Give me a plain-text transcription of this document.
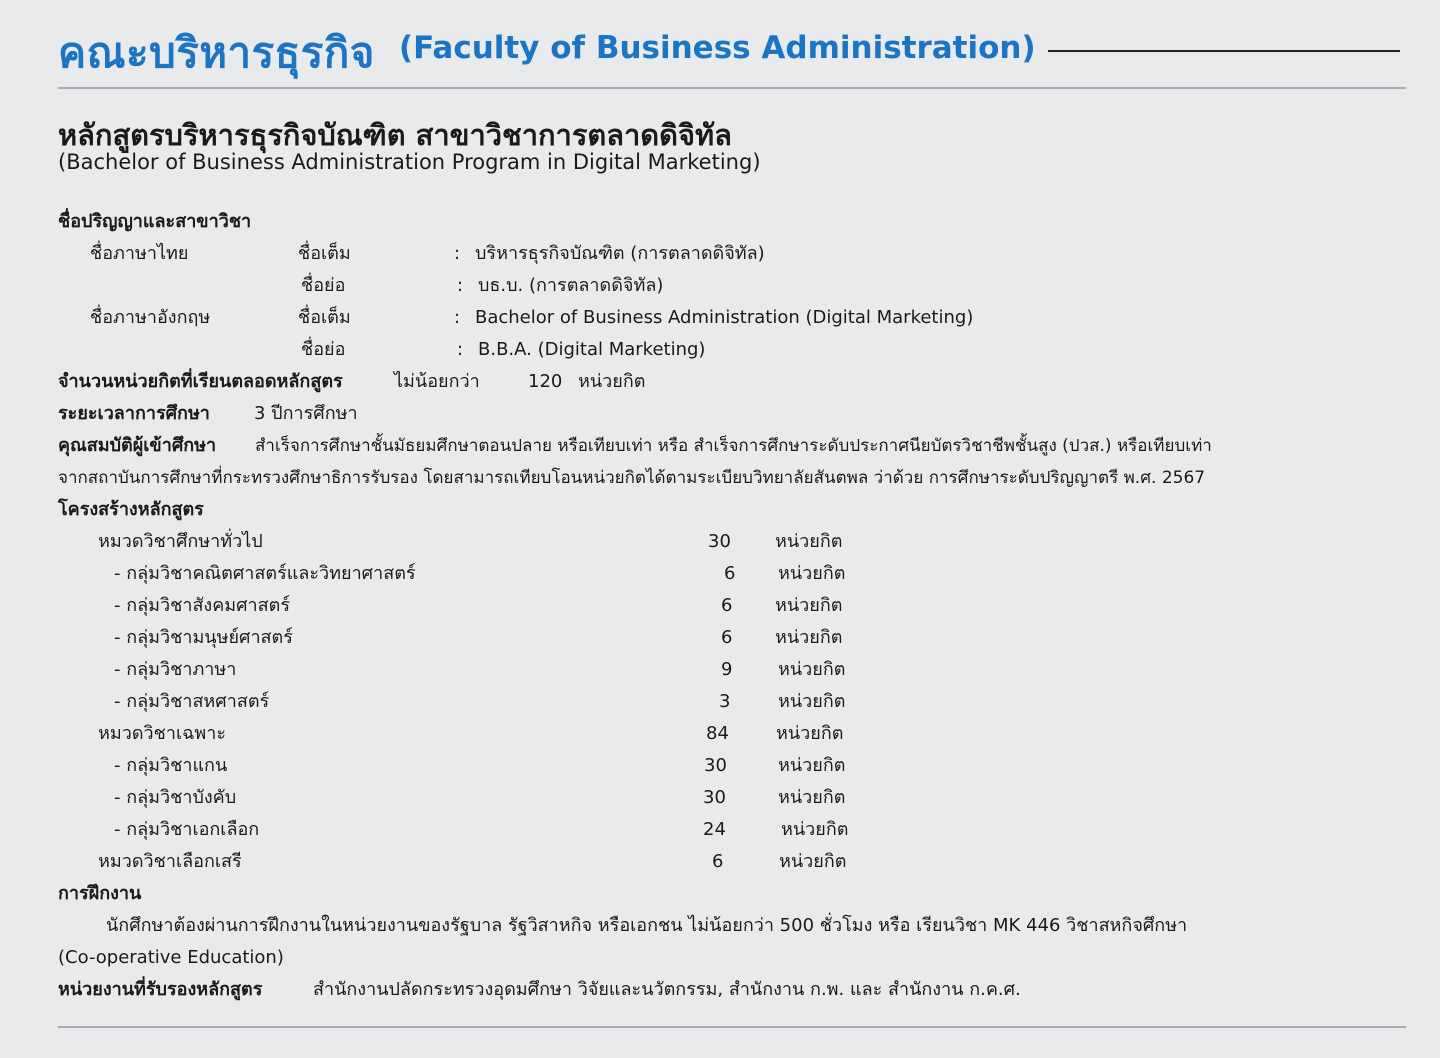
คณะบริหารธุรกิจ (Faculty of Business Administration)
หลักสูตรบริหารธุรกิจบัณฑิต สาขาวิชาการตลาดดิจิทัล
(Bachelor of Business Administration Program in Digital Marketing)
ชื่อปริญญาและสาขาวิชา
ชื่อภาษาไทย	ชื่อเต็ม	: บริหารธุรกิจบัณฑิต (การตลาดดิจิทัล)
ชื่อย่อ	: บธ.บ. (การตลาดดิจิทัล)
ชื่อภาษาอังกฤษ	ชื่อเต็ม	: Bachelor of Business Administration (Digital Marketing)
ชื่อย่อ	: B.B.A. (Digital Marketing)
จำนวนหน่วยกิตที่เรียนตลอดหลักสูตร	ไม่น้อยกว่า	120 หน่วยกิต
ระยะเวลาการศึกษา 3 ปีการศึกษา
คุณสมบัติผู้เข้าศึกษา สำเร็จการศึกษาชั้นมัธยมศึกษาตอนปลาย หรือเทียบเท่า หรือ สำเร็จการศึกษาระดับประกาศนียบัตรวิชาชีพชั้นสูง (ปวส.) หรือเทียบเท่า
จากสถาบันการศึกษาที่กระทรวงศึกษาธิการรับรอง โดยสามารถเทียบโอนหน่วยกิตได้ตามระเบียบวิทยาลัยสันตพล ว่าด้วย การศึกษาระดับปริญญาตรี พ.ศ. 2567
โครงสร้างหลักสูตร
หมวดวิชาศึกษาทั่วไป	30 หน่วยกิต
- กลุ่มวิชาคณิตศาสตร์และวิทยาศาสตร์	6 หน่วยกิต
- กลุ่มวิชาสังคมศาสตร์	6 หน่วยกิต
- กลุ่มวิชามนุษย์ศาสตร์	6 หน่วยกิต
- กลุ่มวิชาภาษา	9	หน่วยกิต
- กลุ่มวิชาสหศาสตร์	3	หน่วยกิต
หมวดวิชาเฉพาะ	84	หน่วยกิต
- กลุ่มวิชาแกน	30	หน่วยกิต
- กลุ่มวิชาบังคับ	30	หน่วยกิต
- กลุ่มวิชาเอกเลือก	24	หน่วยกิต
หมวดวิชาเลือกเสรี	6	หน่วยกิต
การฝึกงาน
นักศึกษาต้องผ่านการฝึกงานในหน่วยงานของรัฐบาล รัฐวิสาหกิจ หรือเอกชน ไม่น้อยกว่า 500 ชั่วโมง หรือ เรียนวิชา MK 446 วิชาสหกิจศึกษา
(Co-operative Education)
หน่วยงานที่รับรองหลักสูตร	สำนักงานปลัดกระทรวงอุดมศึกษา วิจัยและนวัตกรรม, สำนักงาน ก.พ. และ สำนักงาน ก.ค.ศ.
